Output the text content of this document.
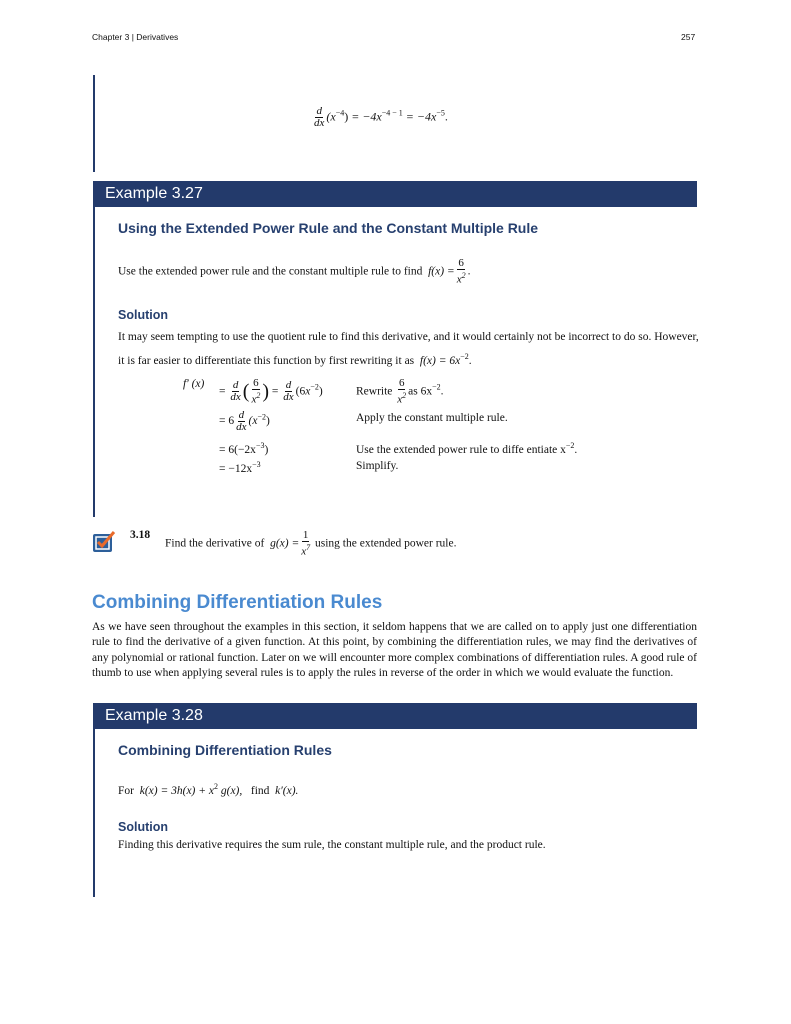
Chapter 3 | Derivatives	257
$\frac{d}{dx} (x^{-4}) = -4x^{-4 - 1} = -4x^{-5}$.
Example 3.27
Using the Extended Power Rule and the Constant Multiple Rule
Use the extended power rule and the constant multiple rule to find $f(x) = \frac{6}{x^2}$ .
Solution
It may seem tempting to use the quotient rule to find this derivative, and it would certainly not be incorrect to do so. However, it is far easier to differentiate this function by first rewriting it as $f(x) = 6x^{-2}$.
f′ (x)
= $\frac{d}{dx}$ ( $\frac{6}{x^2}$ ) = $\frac{d}{dx} (6x^{-2})$	Rewrite $\frac{6}{x^2}$ as $6x^{-2}$.
= $6 \frac{d}{dx} (x^{-2})$	Apply the constant multiple rule.
= $6(-2x^{-3})$	Use the extended power rule to diffe entiate $x^{-2}$.
= $-12x^{-3}$	Simplify.
3.18
Find the derivative of $g(x) = \frac{1}{x^7}$ using the extended power rule.
Combining Differentiation Rules
As we have seen throughout the examples in this section, it seldom happens that we are called on to apply just one differentiation rule to find the derivative of a given function. At this point, by combining the differentiation rules, we may find the derivatives of any polynomial or rational function. Later on we will encounter more complex combinations of differentiation rules. A good rule of thumb to use when applying several rules is to apply the rules in reverse of the order in which we would evaluate the function.
Example 3.28
Combining Differentiation Rules
For $k(x) = 3h(x) + x^2$ g(x), find k′(x).
Solution
Finding this derivative requires the sum rule, the constant multiple rule, and the product rule.
